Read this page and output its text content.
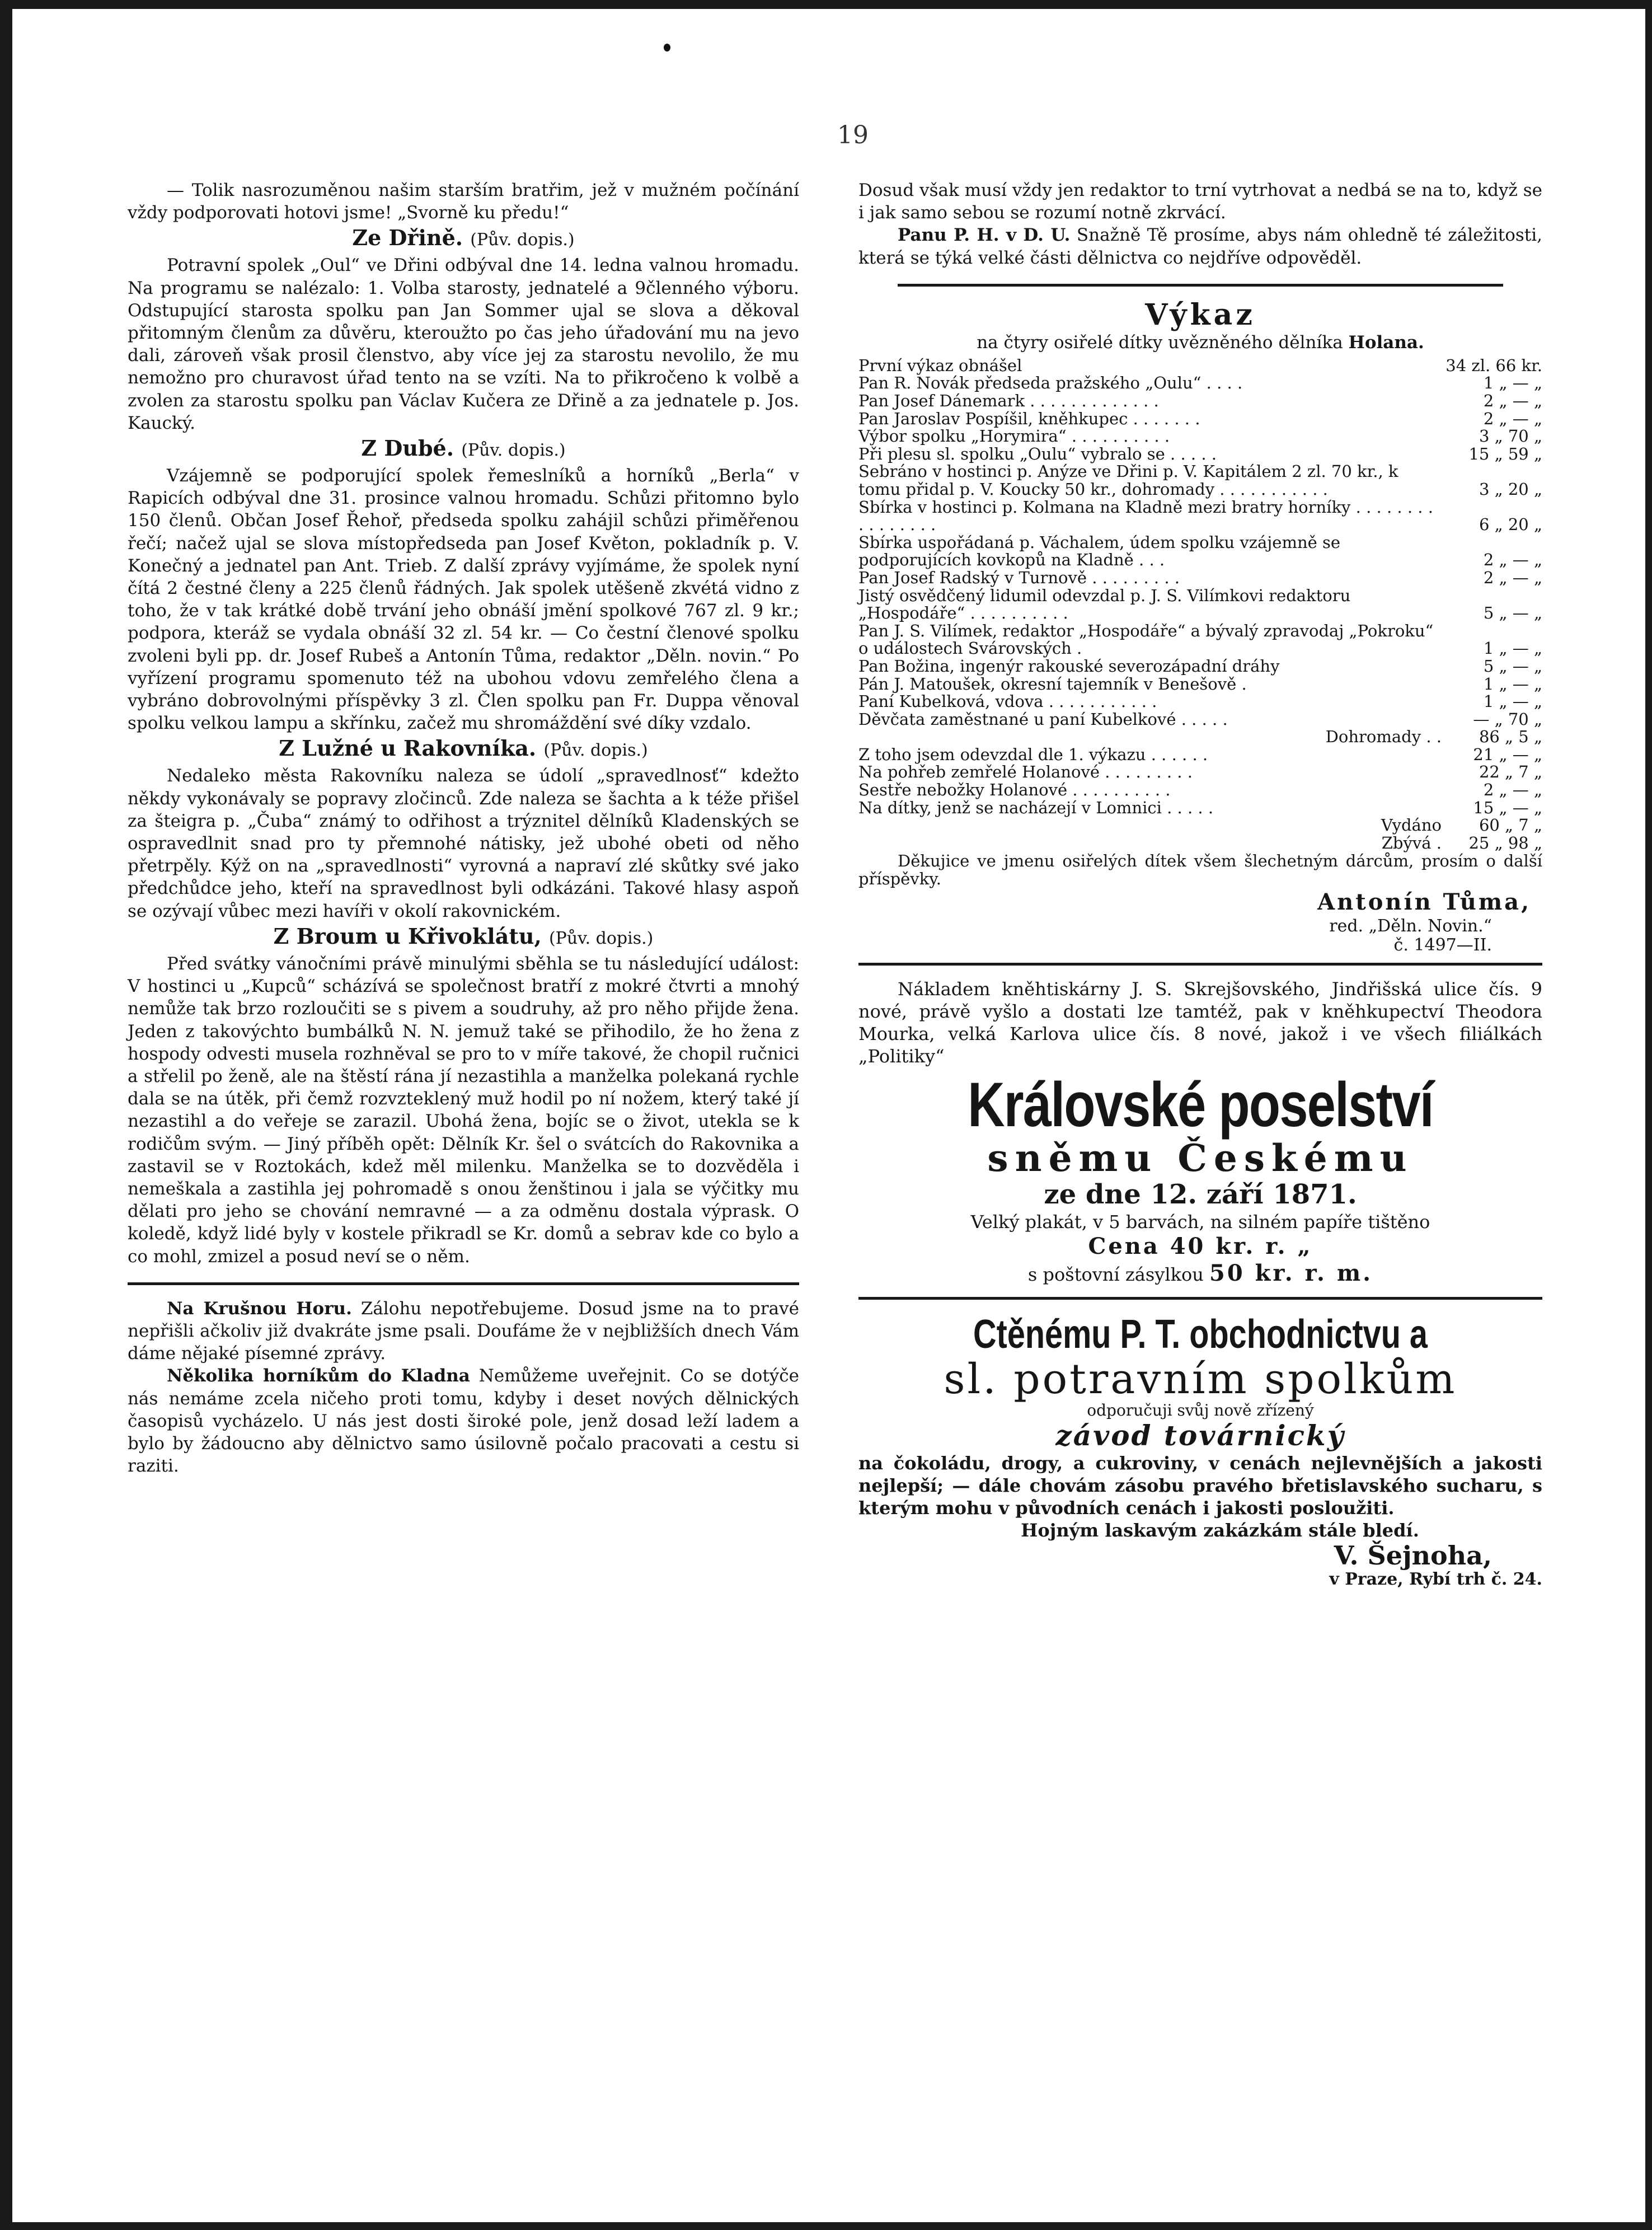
19

— Tolik nasrozuměnou našim starším bratřim, jež v mužném počínání vždy podporovati hotovi jsme! „Svorně ku předu!“

Ze Dřině. (Pův. dopis.)

Potravní spolek „Oul“ ve Dřini odbýval dne 14. ledna valnou hromadu. Na programu se nalézalo: 1. Volba starosty, jednatelé a 9členného výboru. Odstupující starosta spolku pan Jan Sommer ujal se slova a děkoval přitomným členům za důvěru, kteroužto po čas jeho úřadování mu na jevo dali, zároveň však prosil členstvo, aby více jej za starostu nevolilo, že mu nemožno pro churavost úřad tento na se vzíti. Na to přikročeno k volbě a zvolen za starostu spolku pan Václav Kučera ze Dřině a za jednatele p. Jos. Kaucký.

Z Dubé. (Pův. dopis.)

Vzájemně se podporující spolek řemeslníků a horníků „Berla“ v Rapicích odbýval dne 31. prosince valnou hromadu. Schůzi přitomno bylo 150 členů. Občan Josef Řehoř, předseda spolku zahájil schůzi přiměřenou řečí; načež ujal se slova místopředseda pan Josef Květon, pokladník p. V. Konečný a jednatel pan Ant. Trieb. Z další zprávy vyjímáme, že spolek nyní čítá 2 čestné členy a 225 členů řádných. Jak spolek utěšeně zkvétá vidno z toho, že v tak krátké době trvání jeho obnáší jmění spolkové 767 zl. 9 kr.; podpora, kteráž se vydala obnáší 32 zl. 54 kr. — Co čestní členové spolku zvoleni byli pp. dr. Josef Rubeš a Antonín Tůma, redaktor „Děln. novin.“ Po vyřízení programu spomenuto též na ubohou vdovu zemřelého člena a vybráno dobrovolnými příspěvky 3 zl. Člen spolku pan Fr. Duppa věnoval spolku velkou lampu a skřínku, začež mu shromáždění své díky vzdalo.

Z Lužné u Rakovníka. (Pův. dopis.)

Nedaleko města Rakovníku naleza se údolí „spravedlnosť“ kdežto někdy vykonávaly se popravy zločinců. Zde naleza se šachta a k téže přišel za šteigra p. „Čuba“ známý to odřihost a trýznitel dělníků Kladenských se ospravedlnit snad pro ty přemnohé nátisky, jež ubohé obeti od něho přetrpěly. Kýž on na „spravedlnosti“ vyrovná a napraví zlé skůtky své jako předchůdce jeho, kteří na spravedlnost byli odkázáni. Takové hlasy aspoň se ozývají vůbec mezi havíři v okolí rakovnickém.

Z Broum u Křivoklátu, (Pův. dopis.)

Před svátky vánočními právě minulými sběhla se tu následující událost: V hostinci u „Kupců“ scházívá se společnost bratří z mokré čtvrti a mnohý nemůže tak brzo rozloučiti se s pivem a soudruhy, až pro něho přijde žena. Jeden z takovýchto bumbálků N. N. jemuž také se přihodilo, že ho žena z hospody odvesti musela rozhněval se pro to v míře takové, že chopil ručnici a střelil po ženě, ale na štěstí rána jí nezastihla a manželka polekaná rychle dala se na útěk, při čemž rozvzteklený muž hodil po ní nožem, který také jí nezastihl a do veřeje se zarazil. Ubohá žena, bojíc se o život, utekla se k rodičům svým. — Jiný příběh opět: Dělník Kr. šel o svátcích do Rakovnika a zastavil se v Roztokách, kdež měl milenku. Manželka se to dozvěděla i nemeškala a zastihla jej pohromadě s onou ženštinou i jala se výčitky mu dělati pro jeho se chování nemravné — a za odměnu dostala výprask. O koledě, když lidé byly v kostele přikradl se Kr. domů a sebrav kde co bylo a co mohl, zmizel a posud neví se o něm.

Na Krušnou Horu. Zálohu nepotřebujeme. Dosud jsme na to pravé nepřišli ačkoliv již dvakráte jsme psali. Doufáme že v nejbližších dnech Vám dáme nějaké písemné zprávy.

Několika horníkům do Kladna Nemůžeme uveřejnit. Co se dotýče nás nemáme zcela ničeho proti tomu, kdyby i deset nových dělnických časopisů vycházelo. U nás jest dosti široké pole, jenž dosad leží ladem a bylo by žádoucno aby dělnictvo samo úsilovně počalo pracovati a cestu si raziti.

Dosud však musí vždy jen redaktor to trní vytrhovat a nedbá se na to, když se i jak samo sebou se rozumí notně zkrvácí.

Panu P. H. v D. U. Snažně Tě prosíme, abys nám ohledně té záležitosti, která se týká velké části dělnictva co nejdříve odpověděl.

Výkaz
na čtyry osiřelé dítky uvězněného dělníka Holana.
První výkaz obnášel	34 zl. 66 kr.
Pan R. Novák předseda pražského „Oulu“ . . . .	1 „ — „
Pan Josef Dánemark . . . . . . . . . . . . .	2 „ — „
Pan Jaroslav Pospíšil, kněhkupec . . . . . . .	2 „ — „
Výbor spolku „Horymira“ . . . . . . . . . .	3 „ 70 „
Při plesu sl. spolku „Oulu“ vybralo se . . . . .	15 „ 59 „
Sebráno v hostinci p. Anýze ve Dřini p. V. Kapitálem 2 zl. 70 kr., k tomu přidal p. V. Koucky 50 kr., dohromady . . . . . . . . . . .	3 „ 20 „
Sbírka v hostinci p. Kolmana na Kladně mezi bratry horníky . . . . . . . . . . . . . . . .	6 „ 20 „
Sbírka uspořádaná p. Váchalem, údem spolku vzájemně se podporujících kovkopů na Kladně . . .	2 „ — „
Pan Josef Radský v Turnově . . . . . . . . .	2 „ — „
Jistý osvědčený lidumil odevzdal p. J. S. Vilímkovi redaktoru „Hospodáře“ . . . . . . . . . .	5 „ — „
Pan J. S. Vilímek, redaktor „Hospodáře“ a bývalý zpravodaj „Pokroku“ o událostech Svárovských .	1 „ — „
Pan Božina, ingenýr rakouské severozápadní dráhy	5 „ — „
Pán J. Matoušek, okresní tajemník v Benešově .	1 „ — „
Paní Kubelková, vdova . . . . . . . . . . .	1 „ — „
Děvčata zaměstnané u paní Kubelkové . . . . .	— „ 70 „
Dohromady . .	86 „ 5 „
Z toho jsem odevzdal dle 1. výkazu . . . . . .	21 „ — „
Na pohřeb zemřelé Holanové . . . . . . . . .	22 „ 7 „
Sestře nebožky Holanové . . . . . . . . . .	2 „ — „
Na dítky, jenž se nacházejí v Lomnici . . . . .	15 „ — „
Vydáno	60 „ 7 „
Zbývá .	25 „ 98 „

Děkujice ve jmenu osiřelých dítek všem šlechetným dárcům, prosím o další příspěvky.

Antonín Tůma,
red. „Děln. Novin.“
č. 1497—II.

Nákladem kněhtiskárny J. S. Skrejšovského, Jindřišská ulice čís. 9 nové, právě vyšlo a dostati lze tamtéž, pak v kněhkupectví Theodora Mourka, velká Karlova ulice čís. 8 nové, jakož i ve všech filiálkách „Politiky“

Královské poselství
sněmu Českému
ze dne 12. září 1871.

Velký plakát, v 5 barvách, na silném papíře tištěno

Cena 40 kr. r. „
s poštovní zásylkou 50 kr. r. m.
Ctěnému P. T. obchodnictvu a
sl. potravním spolkům
odporučuji svůj nově zřízený
závod továrnický

na čokoládu, drogy, a cukroviny, v cenách nejlevnějších a jakosti nejlepší; — dále chovám zásobu pravého břetislavského sucharu, s kterým mohu v původních cenách i jakosti posloužiti.

Hojným laskavým zakázkám stále bledí.

V. Šejnoha,
v Praze, Rybí trh č. 24.
